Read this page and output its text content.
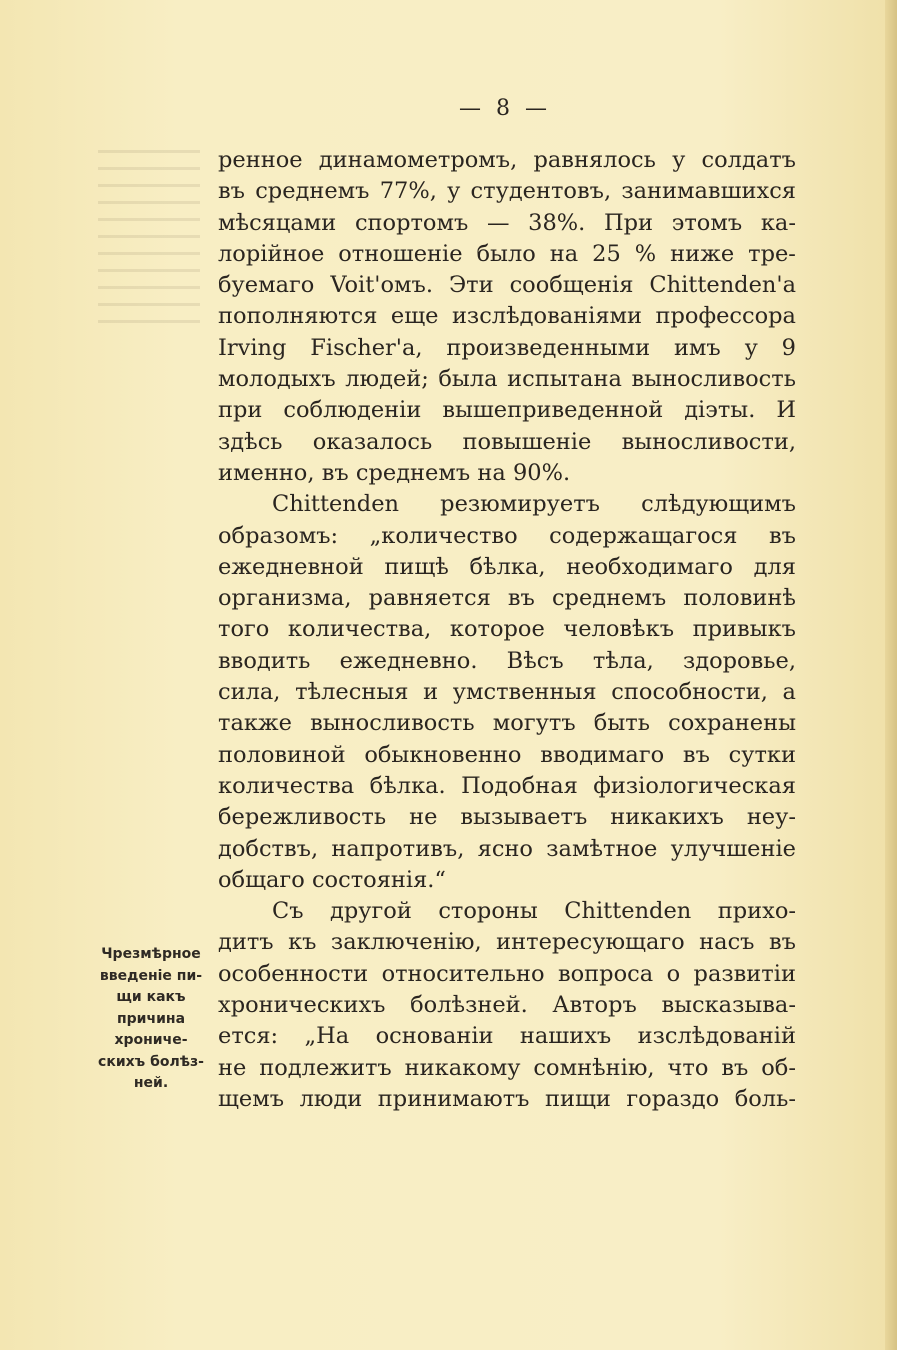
— 8 —
ренное динамометромъ, равнялось у солдатъ
въ среднемъ 77%, у студентовъ, занимавшихся
мѣсяцами спортомъ — 38%. При этомъ ка-
лорійное отношеніе было на 25 % ниже тре-
буемаго Voit'омъ. Эти сообщенія Chittenden'a
пополняются еще изслѣдованіями профессора
Irving Fischer'a, произведенными имъ у 9
молодыхъ людей; была испытана выносливость
при соблюденіи вышеприведенной діэты. И
здѣсь оказалось повышеніе выносливости,
именно, въ среднемъ на 90%.
Chittenden резюмируетъ слѣдующимъ
образомъ: „количество содержащагося въ
ежедневной пищѣ бѣлка, необходимаго для
организма, равняется въ среднемъ половинѣ
того количества, которое человѣкъ привыкъ
вводить ежедневно. Вѣсъ тѣла, здоровье,
сила, тѣлесныя и умственныя способности, а
также выносливость могутъ быть сохранены
половиной обыкновенно вводимаго въ сутки
количества бѣлка. Подобная физіологическая
бережливость не вызываетъ никакихъ неу-
добствъ, напротивъ, ясно замѣтное улучшеніе
общаго состоянія.“
Съ другой стороны Chittenden прихо-
дитъ къ заключенію, интересующаго насъ въ
особенности относительно вопроса о развитіи
хроническихъ болѣзней. Авторъ высказыва-
ется: „На основаніи нашихъ изслѣдованій
не подлежитъ никакому сомнѣнію, что въ об-
щемъ люди принимаютъ пищи гораздо боль-
Чрезмѣрное
введеніе пи-
щи какъ
причина
хрониче-
скихъ болѣз-
ней.
